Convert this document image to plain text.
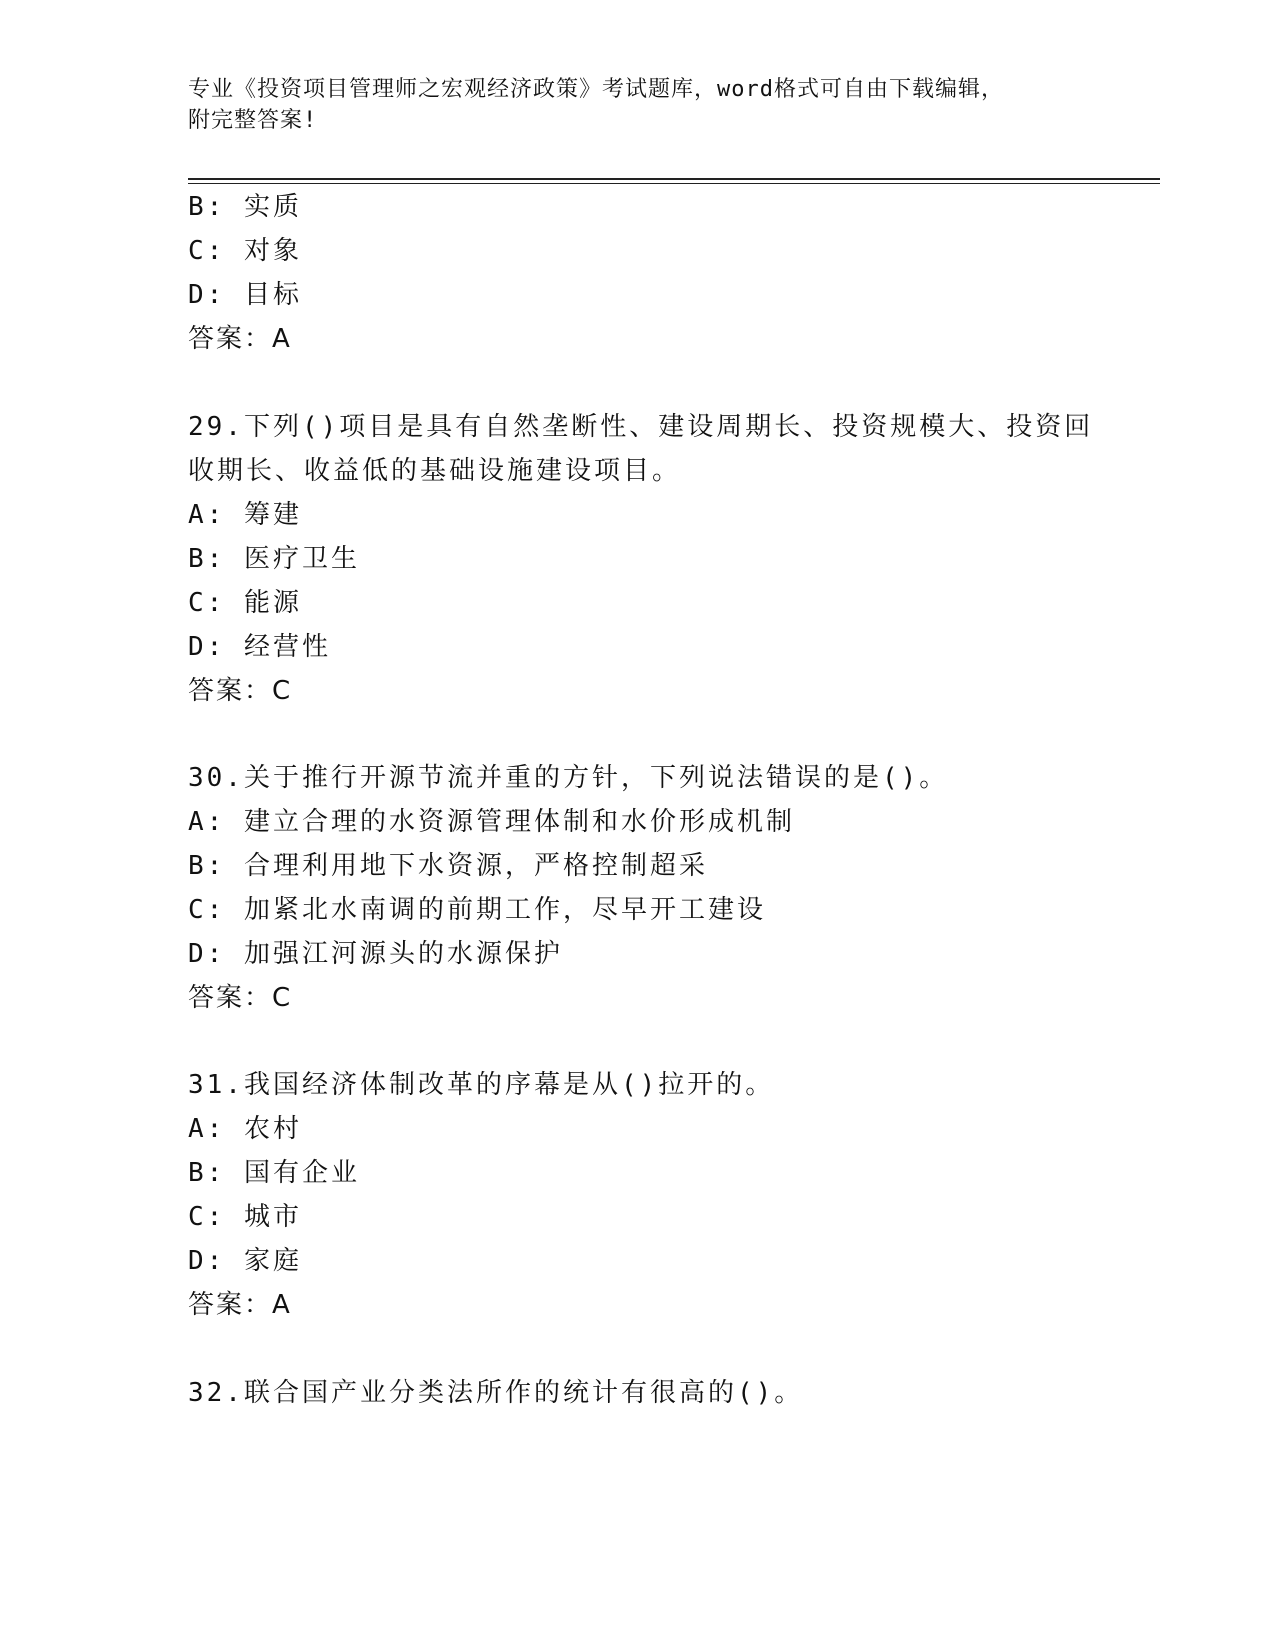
专业《投资项目管理师之宏观经济政策》考试题库，word格式可自由下载编辑，
附完整答案!
B: 实质
C: 对象
D: 目标
答案：A
29.下列()项目是具有自然垄断性、建设周期长、投资规模大、投资回
收期长、收益低的基础设施建设项目。
A: 筹建
B: 医疗卫生
C: 能源
D: 经营性
答案：C
30.关于推行开源节流并重的方针，下列说法错误的是()。
A: 建立合理的水资源管理体制和水价形成机制
B: 合理利用地下水资源，严格控制超采
C: 加紧北水南调的前期工作，尽早开工建设
D: 加强江河源头的水源保护
答案：C
31.我国经济体制改革的序幕是从()拉开的。
A: 农村
B: 国有企业
C: 城市
D: 家庭
答案：A
32.联合国产业分类法所作的统计有很高的()。
